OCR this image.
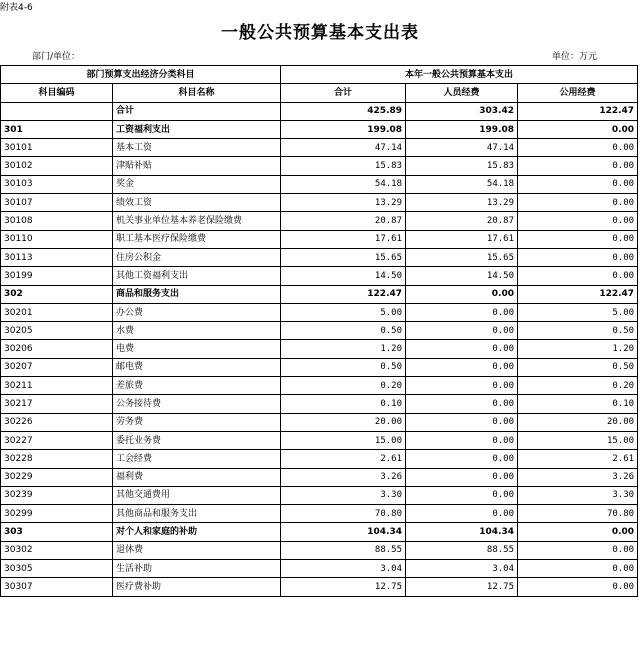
附表4-6
一般公共预算基本支出表
部门/单位：	单位：万元
部门预算支出经济分类科目		本年一般公共预算基本支出		
科目编码	科目名称	合计	人员经费	公用经费
	合计	425.89	303.42	122.47
301	工资福利支出	199.08	199.08	0.00
30101	基本工资	47.14	47.14	0.00
30102	津贴补贴	15.83	15.83	0.00
30103	奖金	54.18	54.18	0.00
30107	绩效工资	13.29	13.29	0.00
30108	机关事业单位基本养老保险缴费	20.87	20.87	0.00
30110	职工基本医疗保险缴费	17.61	17.61	0.00
30113	住房公积金	15.65	15.65	0.00
30199	其他工资福利支出	14.50	14.50	0.00
302	商品和服务支出	122.47	0.00	122.47
30201	办公费	5.00	0.00	5.00
30205	水费	0.50	0.00	0.50
30206	电费	1.20	0.00	1.20
30207	邮电费	0.50	0.00	0.50
30211	差旅费	0.20	0.00	0.20
30217	公务接待费	0.10	0.00	0.10
30226	劳务费	20.00	0.00	20.00
30227	委托业务费	15.00	0.00	15.00
30228	工会经费	2.61	0.00	2.61
30229	福利费	3.26	0.00	3.26
30239	其他交通费用	3.30	0.00	3.30
30299	其他商品和服务支出	70.80	0.00	70.80
303	对个人和家庭的补助	104.34	104.34	0.00
30302	退休费	88.55	88.55	0.00
30305	生活补助	3.04	3.04	0.00
30307	医疗费补助	12.75	12.75	0.00
